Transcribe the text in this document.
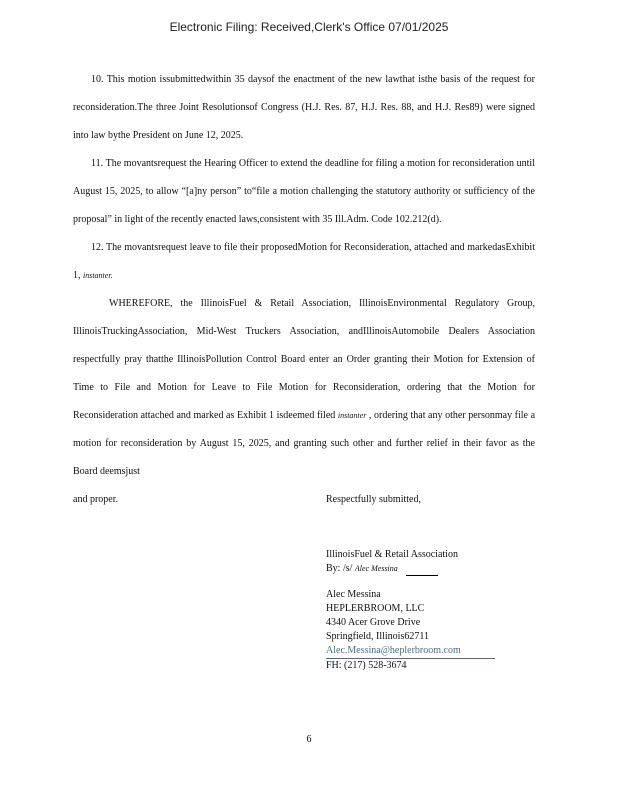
Electronic Filing: Received,Clerk's Office 07/01/2025

10. This motion issubmittedwithin 35 daysof the enactment of the new lawthat isthe basis of the request for reconsideration.The three Joint Resolutionsof Congress (H.J. Res. 87, H.J. Res. 88, and H.J. Res89) were signed into law bythe President on June 12, 2025.

11. The movantsrequest the Hearing Officer to extend the deadline for filing a motion for reconsideration until August 15, 2025, to allow “[a]ny person” to“file a motion challenging the statutory authority or sufficiency of the proposal” in light of the recently enacted laws,consistent with 35 Ill.Adm. Code 102.212(d).

12. The movantsrequest leave to file their proposedMotion for Reconsideration, attached and markedasExhibit 1, instanter.

WHEREFORE, the IllinoisFuel & Retail Association, IllinoisEnvironmental Regulatory Group, IllinoisTruckingAssociation, Mid-West Truckers Association, andIllinoisAutomobile Dealers Association respectfully pray thatthe IllinoisPollution Control Board enter an Order granting their Motion for Extension of Time to File and Motion for Leave to File Motion for Reconsideration, ordering that the Motion for Reconsideration attached and marked as Exhibit 1 isdeemed filed instanter , ordering that any other personmay file a motion for reconsideration by August 15, 2025, and granting such other and further relief in their favor as the Board deemsjust

and proper.	Respectfully submitted,
IllinoisFuel & Retail Association
By: /s/ Alec Messina
Alec Messina
HEPLERBROOM, LLC
4340 Acer Grove Drive
Springfield, Illinois62711
Alec.Messina@heplerbroom.com
FH: (217) 528-3674
6
